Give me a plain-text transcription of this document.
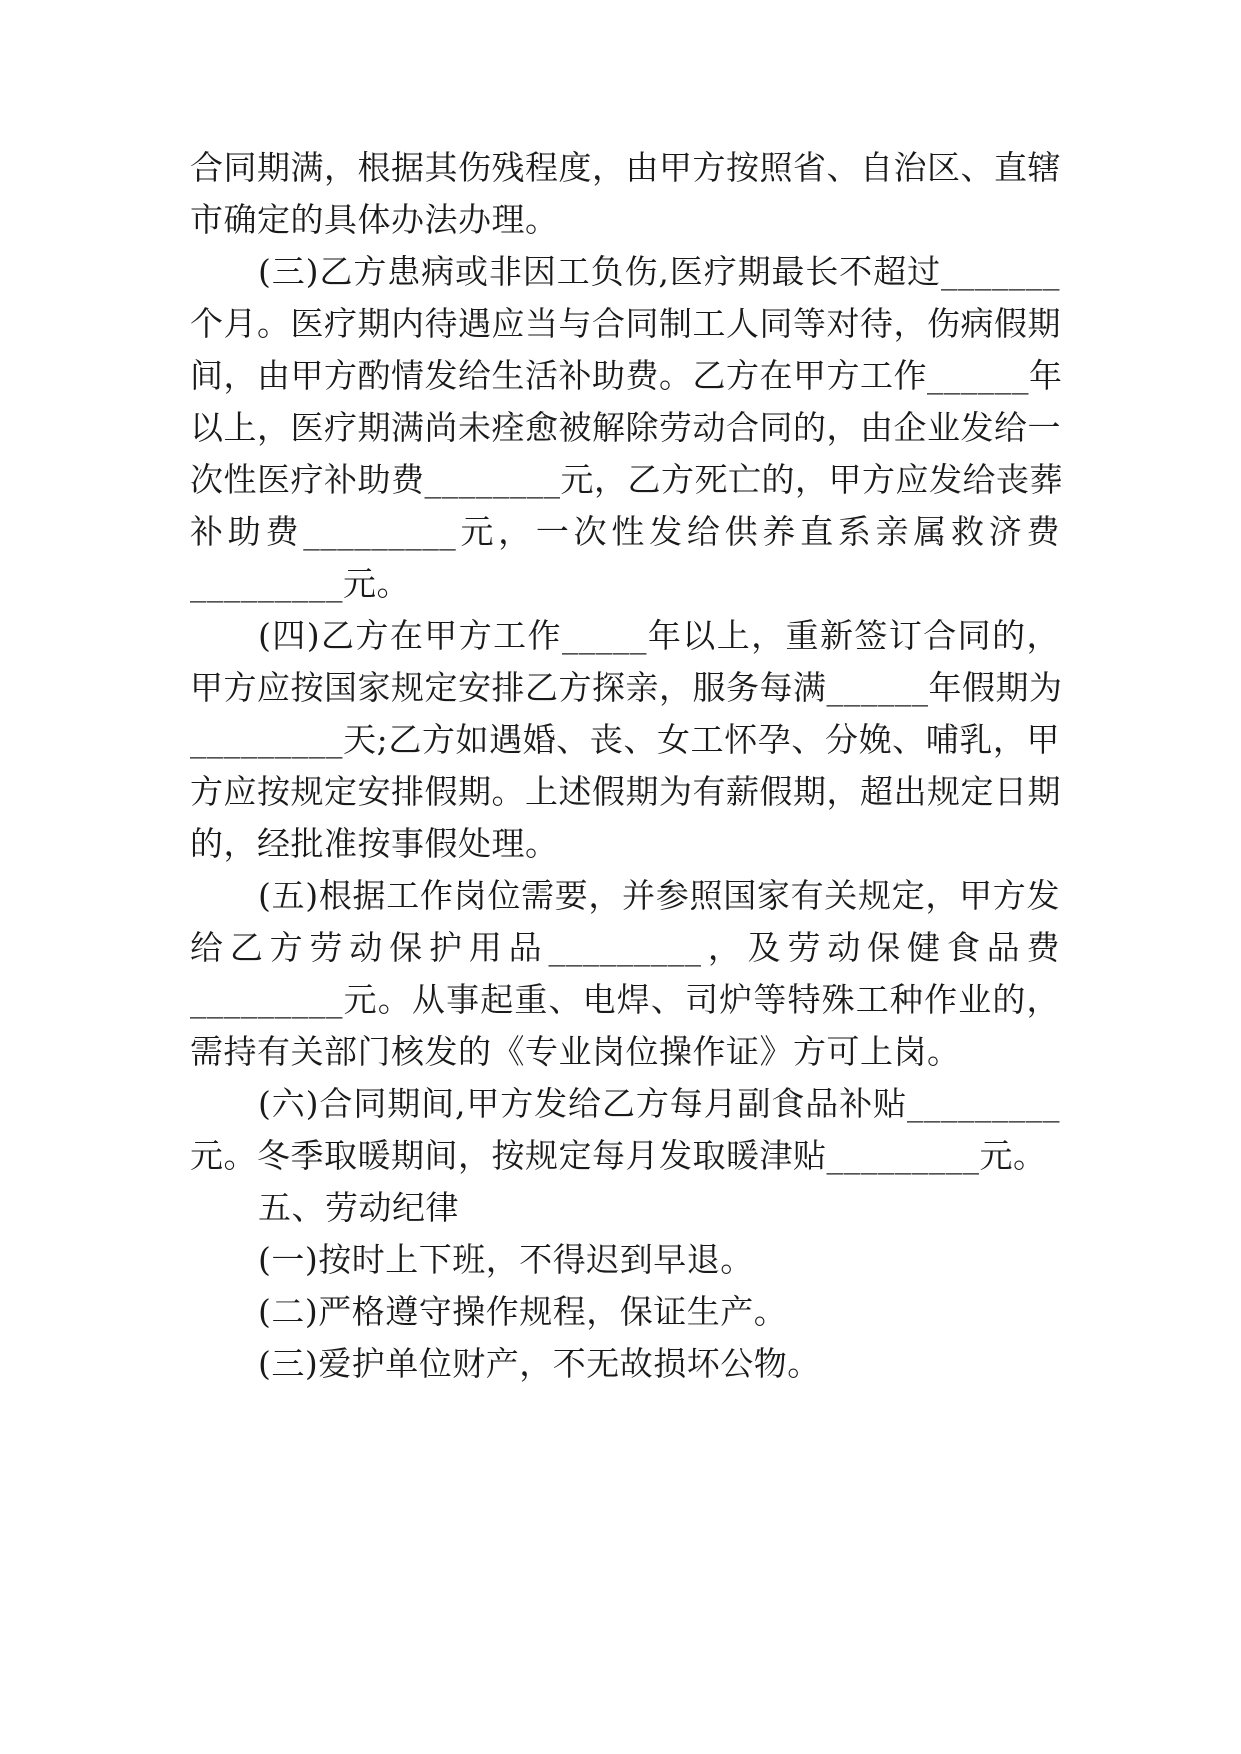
合同期满，根据其伤残程度，由甲方按照省、自治区、直辖
市确定的具体办法办理。
(三)乙方患病或非因工负伤,医疗期最长不超过_______
个月。医疗期内待遇应当与合同制工人同等对待，伤病假期
间，由甲方酌情发给生活补助费。乙方在甲方工作______年
以上，医疗期满尚未痊愈被解除劳动合同的，由企业发给一
次性医疗补助费________元，乙方死亡的，甲方应发给丧葬
补助费_________元，一次性发给供养直系亲属救济费
_________元。
(四)乙方在甲方工作_____年以上，重新签订合同的，
甲方应按国家规定安排乙方探亲，服务每满______年假期为
_________天;乙方如遇婚、丧、女工怀孕、分娩、哺乳，甲
方应按规定安排假期。上述假期为有薪假期，超出规定日期
的，经批准按事假处理。
(五)根据工作岗位需要，并参照国家有关规定，甲方发
给乙方劳动保护用品_________，及劳动保健食品费
_________元。从事起重、电焊、司炉等特殊工种作业的，
需持有关部门核发的《专业岗位操作证》方可上岗。
(六)合同期间,甲方发给乙方每月副食品补贴_________
元。冬季取暖期间，按规定每月发取暖津贴_________元。
五、劳动纪律
(一)按时上下班，不得迟到早退。
(二)严格遵守操作规程，保证生产。
(三)爱护单位财产，不无故损坏公物。
